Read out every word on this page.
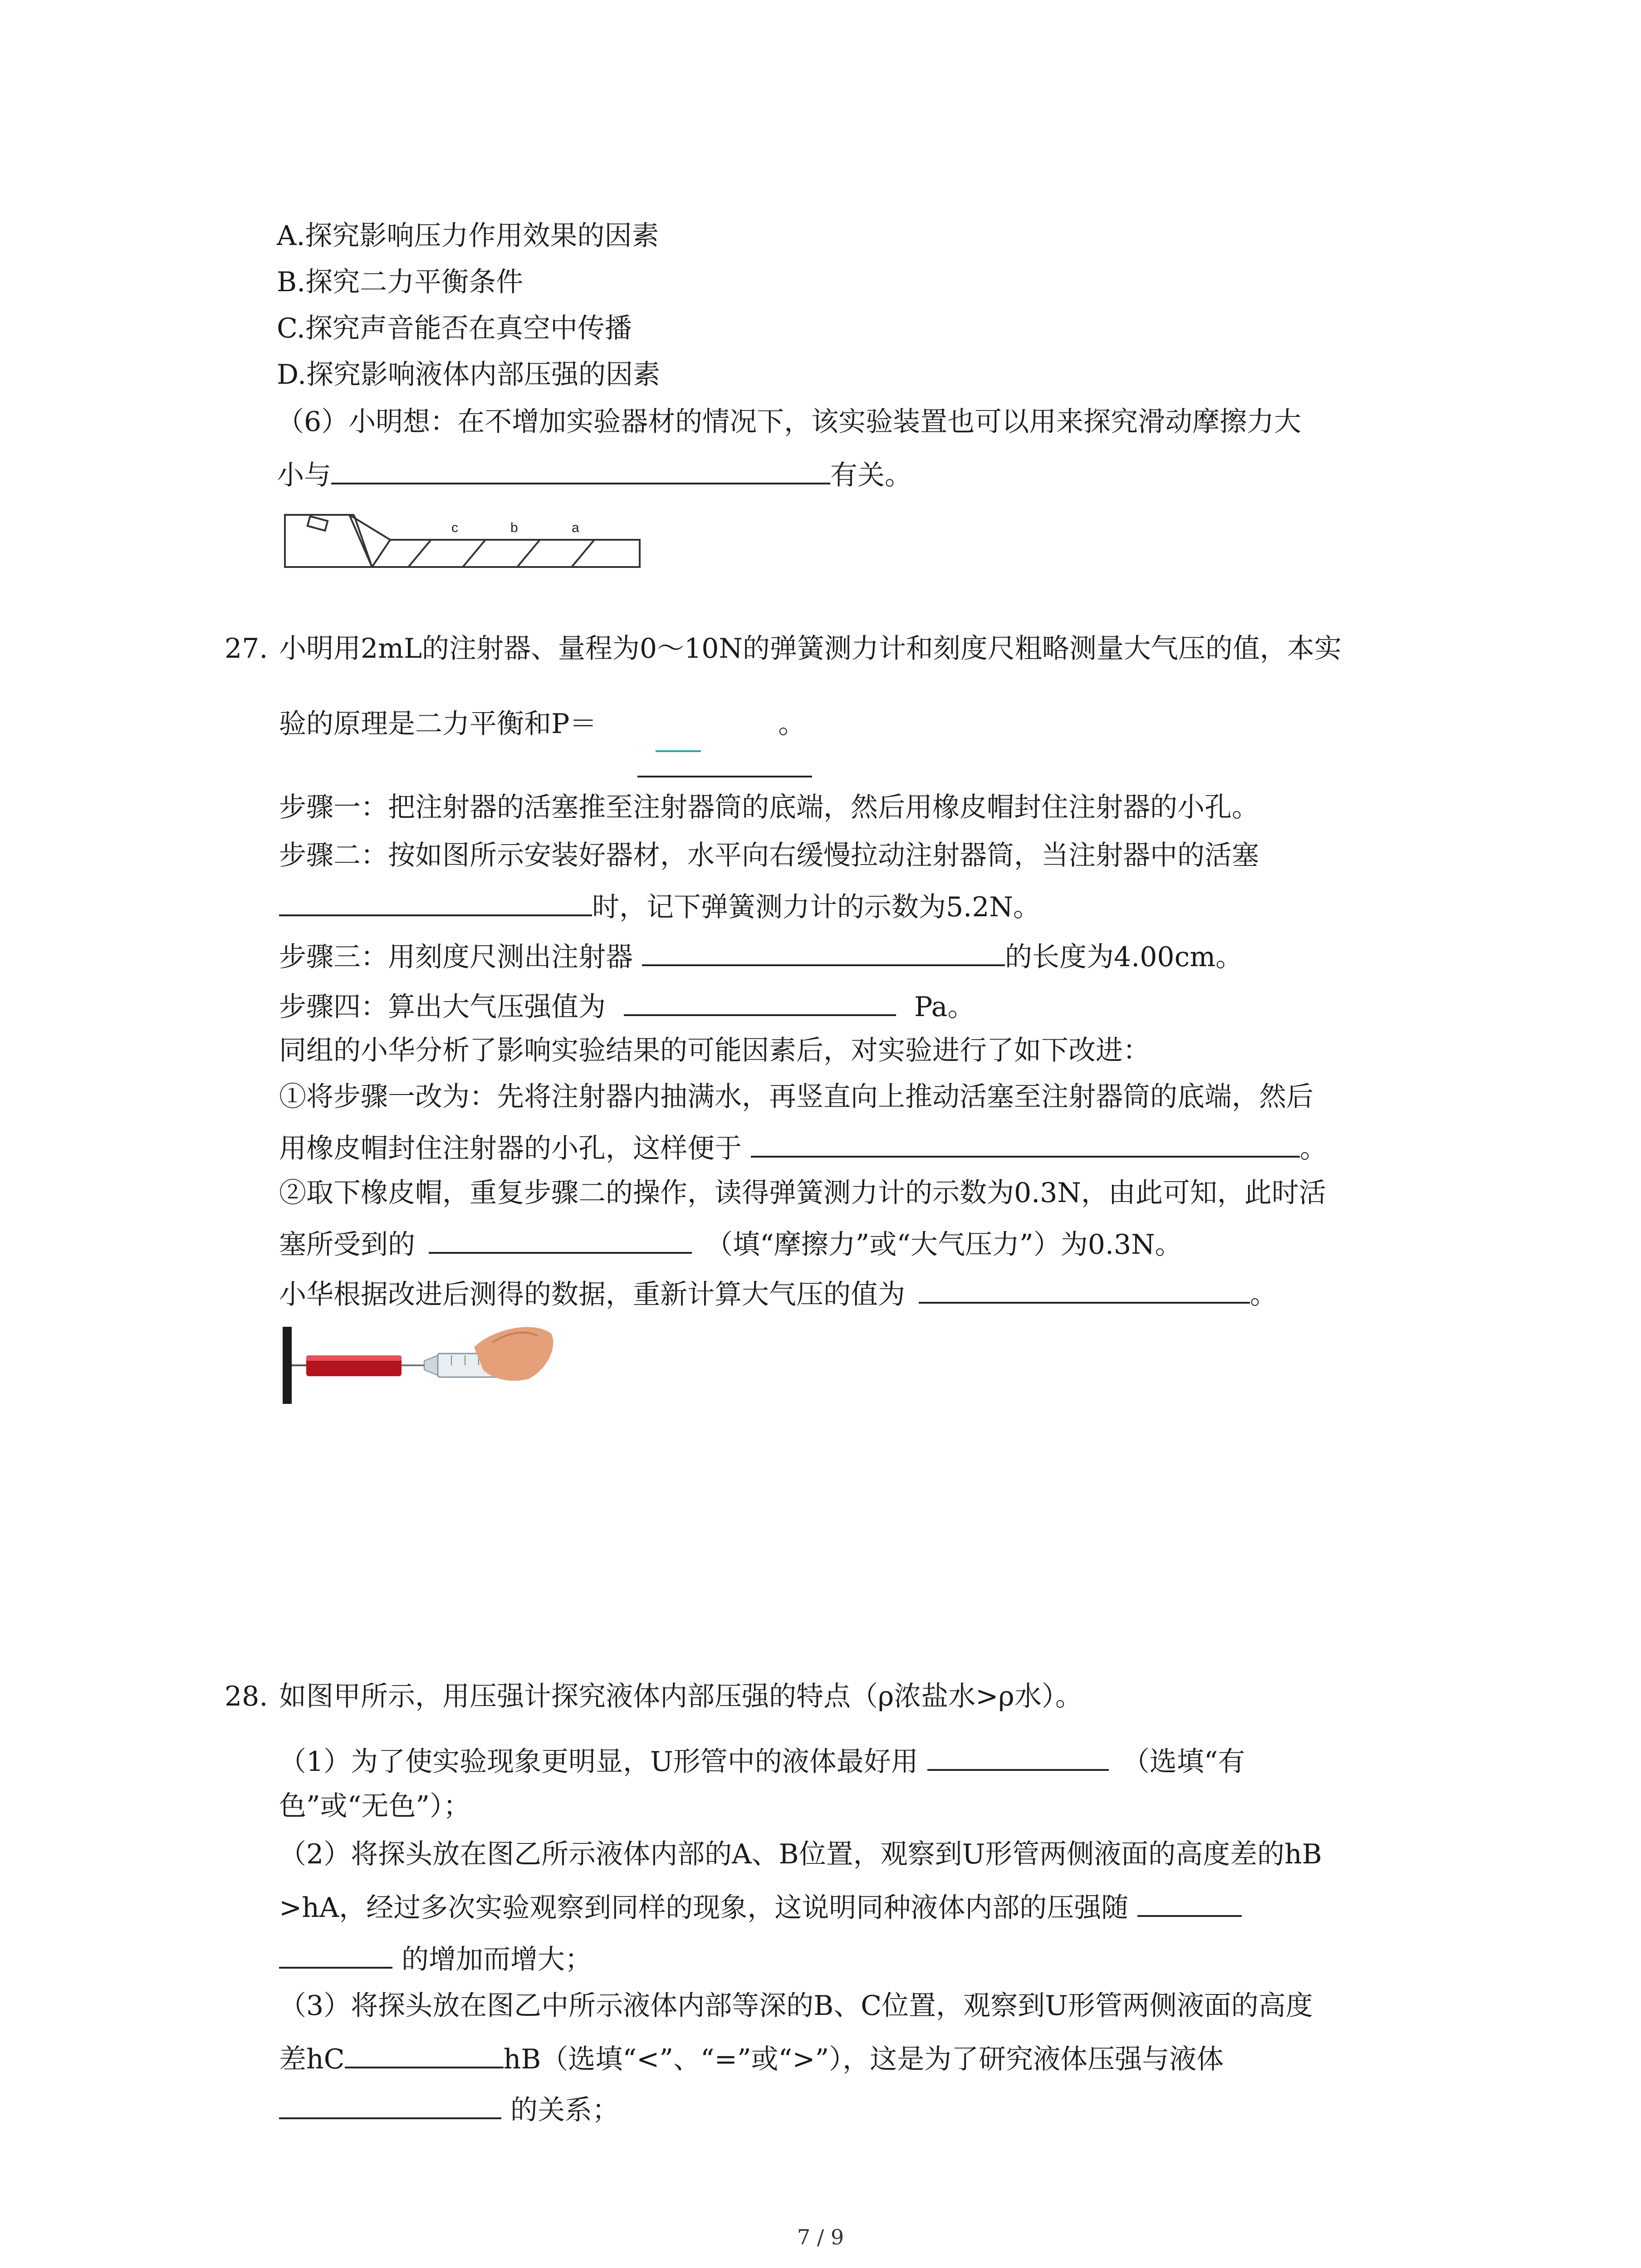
A.探究影响压力作用效果的因素
B.探究二力平衡条件
C.探究声音能否在真空中传播
D.探究影响液体内部压强的因素
（6）小明想：在不增加实验器材的情况下，该实验装置也可以用来探究滑动摩擦力大
小与	有关。
c	b	a
27. 小明用2mL的注射器、量程为0～10N的弹簧测力计和刻度尺粗略测量大气压的值，本实
验的原理是二力平衡和P＝	。
步骤一：把注射器的活塞推至注射器筒的底端，然后用橡皮帽封住注射器的小孔。
步骤二：按如图所示安装好器材，水平向右缓慢拉动注射器筒，当注射器中的活塞
时，记下弹簧测力计的示数为5.2N。
步骤三：用刻度尺测出注射器	的长度为4.00cm。
步骤四：算出大气压强值为	Pa。
同组的小华分析了影响实验结果的可能因素后，对实验进行了如下改进：
①将步骤一改为：先将注射器内抽满水，再竖直向上推动活塞至注射器筒的底端，然后
用橡皮帽封住注射器的小孔，这样便于	。
②取下橡皮帽，重复步骤二的操作，读得弹簧测力计的示数为0.3N，由此可知，此时活
塞所受到的	（填“摩擦力”或“大气压力”）为0.3N。
小华根据改进后测得的数据，重新计算大气压的值为	。
28. 如图甲所示，用压强计探究液体内部压强的特点（ρ浓盐水>ρ水）。
（1）为了使实验现象更明显，U形管中的液体最好用	（选填“有
色”或“无色”）；
（2）将探头放在图乙所示液体内部的A、B位置，观察到U形管两侧液面的高度差的hB
>hA，经过多次实验观察到同样的现象，这说明同种液体内部的压强随
的增加而增大；
（3）将探头放在图乙中所示液体内部等深的B、C位置，观察到U形管两侧液面的高度
差hC	hB（选填“<”、“=”或“>”），这是为了研究液体压强与液体
的关系；
7 / 9
